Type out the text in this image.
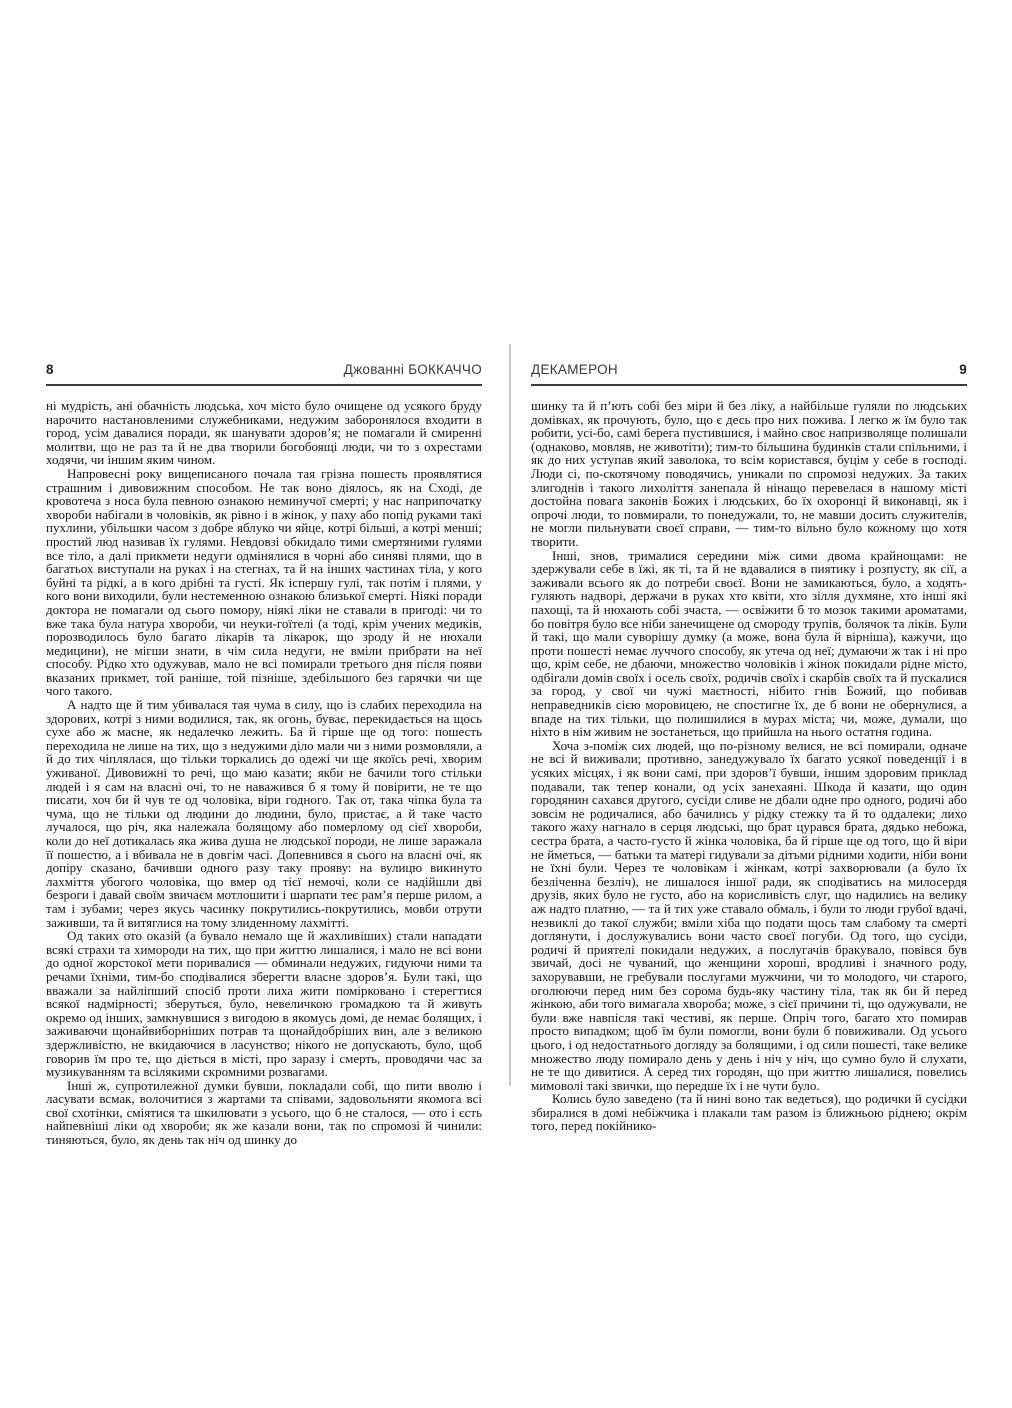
8	Джованні БОККАЧЧО

ні мудрість, ані обачність людська, хоч місто було очищене од усякого бруду нарочито настановленими служебниками, недужим заборонялося входити в город, усім давалися поради, як шанувати здоров’я; не помагали й смиренні молитви, що не раз та й не два творили богобоящі люди, чи то з охрестами ходячи, чи іншим яким чином.

Напровесні року вищеписаного почала тая грізна пошесть проявлятися страшним і дивовижним способом. Не так воно діялось, як на Сході, де кровотеча з носа була певною ознакою неминучої смерті; у нас наприпочатку хвороби набігали в чоловіків, як рівно і в жінок, у паху або попід руками такі пухлини, убільшки часом з добре яблуко чи яйце, котрі більші, а котрі менші; простий люд називав їх гулями. Невдовзі обкидало тими смертяними гулями все тіло, а далі прикмети недуги одмінялися в чорні або синяві плями, що в багатьох виступали на руках і на стегнах, та й на інших частинах тіла, у кого буйні та рідкі, а в кого дрібні та густі. Як іспершу гулі, так потім і плями, у кого вони виходили, були нестеменною ознакою близької смерті. Ніякі поради доктора не помагали од сього помору, ніякі ліки не ставали в пригоді: чи то вже така була натура хвороби, чи неуки-гоїтелі (а тоді, крім учених медиків, порозводилось було багато лікарів та лікарок, що зроду й не нюхали медицини), не мігши знати, в чім сила недуги, не вміли прибрати на неї способу. Рідко хто одужував, мало не всі помирали третього дня після появи вказаних прикмет, той раніше, той пізніше, здебільшого без гарячки чи ще чого такого.

А надто ще й тим убивалася тая чума в силу, що із слабих переходила на здорових, котрі з ними водилися, так, як огонь, буває, перекидається на щось сухе або ж масне, як недалечко лежить. Ба й гірше ще од того: пошесть переходила не лише на тих, що з недужими діло мали чи з ними розмовляли, а й до тих чіплялася, що тільки торкались до одежі чи ще якоїсь речі, хворим уживаної. Дивовижні то речі, що маю казати; якби не бачили того стільки людей і я сам на власні очі, то не наважився б я тому й повірити, не те що писати, хоч би й чув те од чоловіка, віри годного. Так от, така чіпка була та чума, що не тільки од людини до людини, було, пристає, а й таке часто лучалося, що річ, яка належала болящому або померлому од сієї хвороби, коли до неї дотикалась яка жива душа не людської породи, не лише заражала її пошестю, а і вбивала не в довгім часі. Допевнився я сього на власні очі, як допіру сказано, бачивши одного разу таку прояву: на вулицю викинуто лахміття убогого чоловіка, що вмер од тієї немочі, коли се надійшли дві безроги і давай своїм звичаєм мотлошити і шарпати теє рам’я перше рилом, а там і зубами; через якусь часинку покрутились-покрутились, мовби отрути заживши, та й витяглися на тому злиденному лахмітті.

Од таких ото оказій (а бувало немало ще й жахливіших) стали нападати всякі страхи та химороди на тих, що при життю лишалися, і мало не всі вони до одної жорстокої мети поривалися — обминали недужих, гидуючи ними та речами їхніми, тим-бо сподівалися зберегти власне здоров’я. Були такі, що вважали за найліпший спосіб проти лиха жити помірковано і стерегтися всякої надмірності; зберуться, було, невеличкою громадкою та й живуть окремо од інших, замкнувшися з вигодою в якомусь домі, де немає болящих, і заживаючи щонайвиборніших потрав та щонайдобріших вин, але з великою здержливістю, не вкидаючися в ласунство; нікого не допускають, було, щоб говорив їм про те, що діється в місті, про заразу і смерть, проводячи час за музикуванням та всілякими скромними розвагами.

Інші ж, супротилежної думки бувши, покладали собі, що пити вволю і ласувати всмак, волочитися з жартами та співами, задовольняти якомога всі свої схотінки, сміятися та шкилювати з усього, що б не сталося, — ото і єсть найпевніші ліки од хвороби; як же казали вони, так по спромозі й чинили: тиняються, було, як день так ніч од шинку до

ДЕКАМЕРОН	9

шинку та й п’ють собі без міри й без ліку, а найбільше гуляли по людських домівках, як прочують, було, що є десь про них пожива. І легко ж їм було так робити, усі-бо, самі берега пустившися, і майно своє напризволяще полишали (однаково, мовляв, не животіти); тим-то більшина будинків стали спільними, і як до них уступав який заволока, то всім користався, буцім у себе в господі. Люди сі, по-скотячому поводячись, уникали по спромозі недужих. За таких злигоднів і такого лихоліття занепала й нінащо перевелася в нашому місті достойна повага законів Божих і людських, бо їх охоронці й виконавці, як і опрочі люди, то повмирали, то понедужали, то, не мавши досить служителів, не могли пильнувати своєї справи, — тим-то вільно було кожному що хотя творити.

Інші, знов, трималися середини між сими двома крайнощами: не здержували себе в їжі, як ті, та й не вдавалися в пиятику і розпусту, як сії, а заживали всього як до потреби своєї. Вони не замикаються, було, а ходять-гуляють надворі, держачи в руках хто квіти, хто зілля духмяне, хто інші які пахощі, та й нюхають собі зчаста, — освіжити б то мозок такими ароматами, бо повітря було все ніби занечищене од смороду трупів, болячок та ліків. Були й такі, що мали суворішу думку (а може, вона була й вірніша), кажучи, що проти пошесті немає луччого способу, як утеча од неї; думаючи ж так і ні про що, крім себе, не дбаючи, множество чоловіків і жінок покидали рідне місто, одбігали домів своїх і осель своїх, родичів своїх і скарбів своїх та й пускалися за город, у свої чи чужі маєтності, нібито гнів Божий, що побивав неправедників сією моровицею, не спостигне їх, де б вони не обернулися, а впаде на тих тільки, що полишилися в мурах міста; чи, може, думали, що ніхто в нім живим не зостанеться, що прийшла на нього остатня година.

Хоча з-поміж сих людей, що по-різному велися, не всі помирали, одначе не всі й виживали; противно, занедужувало їх багато усякої поведенції і в усяких місцях, і як вони самі, при здоров’ї бувши, іншим здоровим приклад подавали, так тепер конали, од усіх занехаяні. Шкода й казати, що один городянин сахався другого, сусіди сливе не дбали одне про одного, родичі або зовсім не родичалися, або бачились у рідку стежку та й то оддалеки; лихо такого жаху нагнало в серця людські, що брат цурався брата, дядько небожа, сестра брата, а часто-густо й жінка чоловіка, ба й гірше ще од того, що й віри не йметься, — батьки та матері гидували за дітьми рідними ходити, ніби вони не їхні були. Через те чоловікам і жінкам, котрі захворювали (а було їх безліченна безліч), не лишалося іншої ради, як сподіватись на милосердя друзів, яких було не густо, або на корисливість слуг, що надились на велику аж надто платню, — та й тих уже ставало обмаль, і були то люди грубої вдачі, незвиклі до такої служби; вміли хіба що подати щось там слабому та смерті доглянути, і дослужувались вони часто своєї погуби. Од того, що сусіди, родичі й приятелі покидали недужих, а послугачів бракувало, повівся був звичай, досі не чуваний, що женщини хороші, вродливі і значного роду, захорувавши, не гребували послугами мужчини, чи то молодого, чи старого, оголюючи перед ним без сорома будь-яку частину тіла, так як би й перед жінкою, аби того вимагала хвороба; може, з сієї причини ті, що одужували, не були вже навпісля такі честиві, як перше. Опріч того, багато хто помирав просто випадком; щоб їм були помогли, вони були б повиживали. Од усього цього, і од недостатнього догляду за болящими, і од сили пошесті, таке велике множество люду помирало день у день і ніч у ніч, що сумно було й слухати, не те що дивитися. А серед тих городян, що при життю лишалися, повелись мимоволі такі звички, що передше їх і не чути було.

Колись було заведено (та й нині воно так ведеться), що родички й сусідки збиралися в домі небіжчика і плакали там разом із ближньою ріднею; окрім того, перед покійнико-
